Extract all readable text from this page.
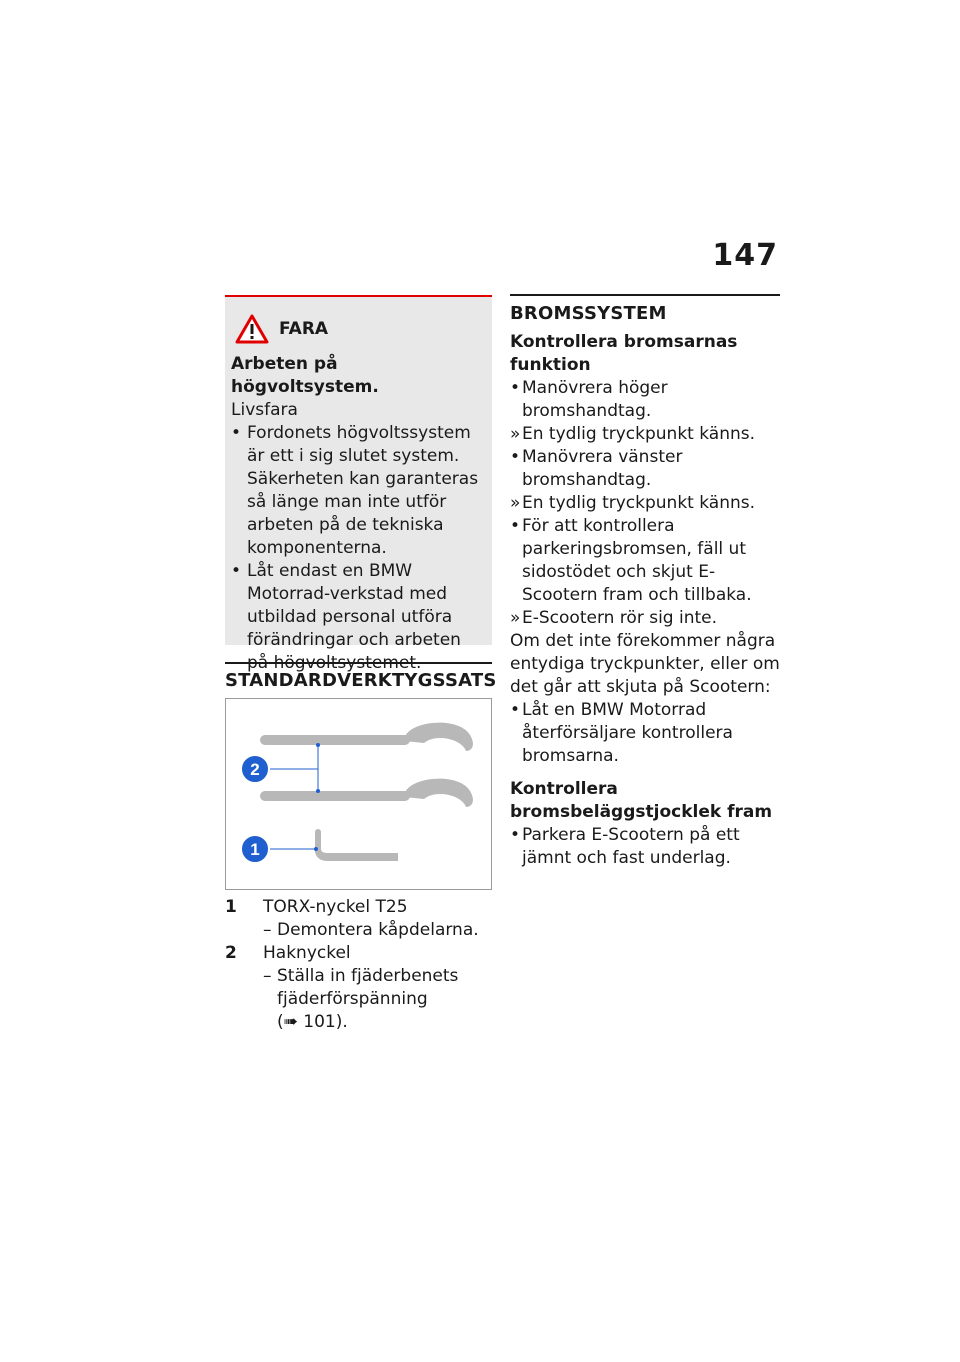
147
FARA
Arbeten på högvoltsystem.
Livsfara
• Fordonets högvoltssystem är ett i sig slutet system. Säkerheten kan garanteras så länge man inte utför arbeten på de tekniska komponenterna.
• Låt endast en BMW Motorrad-verkstad med utbildad personal utföra förändringar och arbeten på högvoltsystemet.
STANDARDVERKTYGSSATS
2
1
1	TORX-nyckel T25
– Demontera kåpdelarna.
2	Haknyckel
– Ställa in fjäderbenets fjäderförspänning
(➠ 101).
BROMSSYSTEM
Kontrollera bromsarnas funktion
• Manövrera höger bromshandtag.
» En tydlig tryckpunkt känns.
• Manövrera vänster bromshandtag.
» En tydlig tryckpunkt känns.
• För att kontrollera parkeringsbromsen, fäll ut sidostödet och skjut E-Scootern fram och tillbaka.
» E-Scootern rör sig inte.

Om det inte förekommer några entydiga tryckpunkter, eller om det går att skjuta på Scootern:

• Låt en BMW Motorrad återförsäljare kontrollera bromsarna.
Kontrollera bromsbeläggstjocklek fram
• Parkera E-Scootern på ett jämnt och fast underlag.
